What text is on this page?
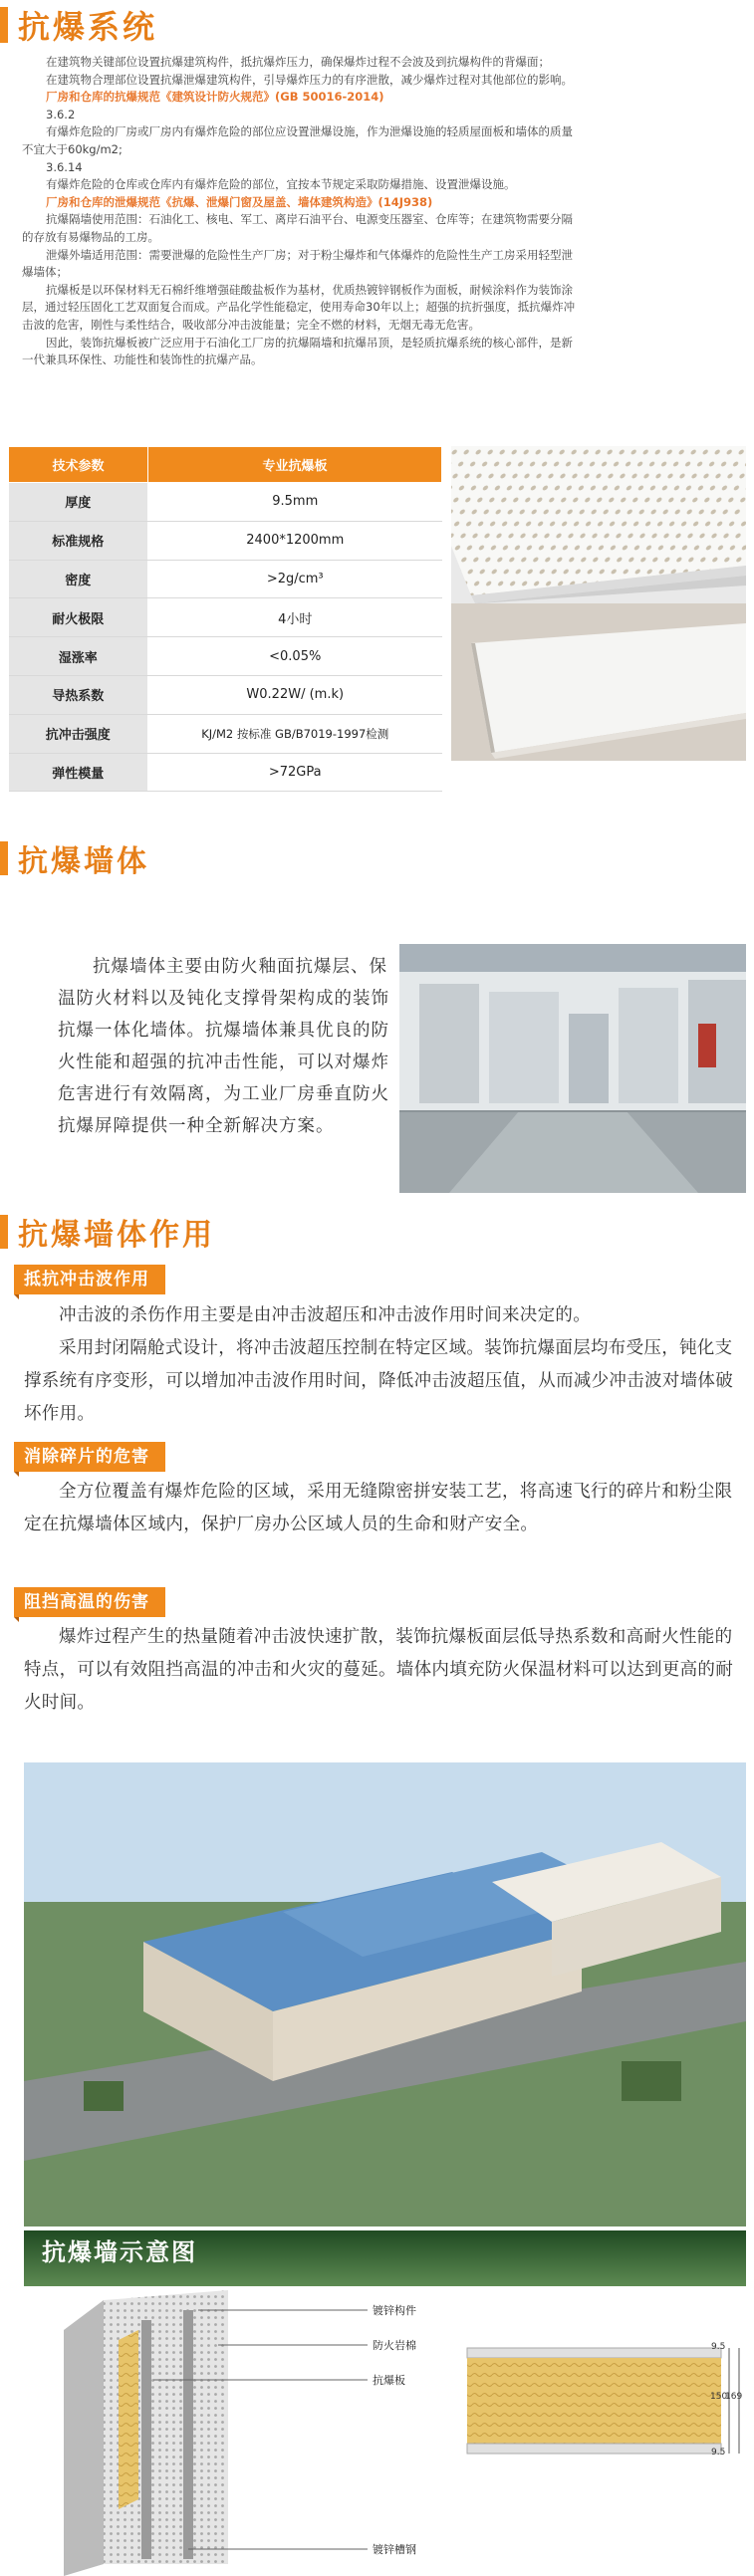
抗爆系统

在建筑物关键部位设置抗爆建筑构件，抵抗爆炸压力，确保爆炸过程不会波及到抗爆构件的背爆面；

在建筑物合理部位设置抗爆泄爆建筑构件，引导爆炸压力的有序泄散，减少爆炸过程对其他部位的影响。

厂房和仓库的抗爆规范《建筑设计防火规范》(GB 50016-2014)

3.6.2

有爆炸危险的厂房或厂房内有爆炸危险的部位应设置泄爆设施，作为泄爆设施的轻质屋面板和墙体的质量

不宜大于60kg/m2;

3.6.14

有爆炸危险的仓库或仓库内有爆炸危险的部位，宜按本节规定采取防爆措施、设置泄爆设施。

厂房和仓库的泄爆规范《抗爆、泄爆门窗及屋盖、墙体建筑构造》(14J938)

抗爆隔墙使用范围：石油化工、核电、军工、离岸石油平台、电源变压器室、仓库等；在建筑物需要分隔

的存放有易爆物品的工房。

泄爆外墙适用范围：需要泄爆的危险性生产厂房；对于粉尘爆炸和气体爆炸的危险性生产工房采用轻型泄

爆墙体；

抗爆板是以环保材料无石棉纤维增强硅酸盐板作为基材，优质热镀锌钢板作为面板，耐候涂料作为装饰涂

层，通过轻压固化工艺双面复合而成。产品化学性能稳定，使用寿命30年以上；超强的抗折强度，抵抗爆炸冲

击波的危害，刚性与柔性结合，吸收部分冲击波能量；完全不燃的材料，无烟无毒无危害。

因此，装饰抗爆板被广泛应用于石油化工厂房的抗爆隔墙和抗爆吊顶，是轻质抗爆系统的核心部件，是新

一代兼具环保性、功能性和装饰性的抗爆产品。

技术参数	专业抗爆板
厚度	9.5mm
标准规格	2400*1200mm
密度	>2g/cm³
耐火极限	4小时
湿涨率	<0.05%
导热系数	W0.22W/ (m.k)
抗冲击强度	KJ/M2 按标准 GB/B7019-1997检测
弹性模量	>72GPa
抗爆墙体

抗爆墙体主要由防火釉面抗爆层、保温防火材料以及钝化支撑骨架构成的装饰抗爆一体化墙体。抗爆墙体兼具优良的防火性能和超强的抗冲击性能，可以对爆炸危害进行有效隔离，为工业厂房垂直防火抗爆屏障提供一种全新解决方案。

抗爆墙体作用
抵抗冲击波作用

冲击波的杀伤作用主要是由冲击波超压和冲击波作用时间来决定的。

采用封闭隔舱式设计，将冲击波超压控制在特定区域。装饰抗爆面层均布受压，钝化支撑系统有序变形，可以增加冲击波作用时间，降低冲击波超压值，从而减少冲击波对墙体破坏作用。

消除碎片的危害

全方位覆盖有爆炸危险的区域，采用无缝隙密拼安装工艺，将高速飞行的碎片和粉尘限定在抗爆墙体区域内，保护厂房办公区域人员的生命和财产安全。

阻挡高温的伤害

爆炸过程产生的热量随着冲击波快速扩散，装饰抗爆板面层低导热系数和高耐火性能的特点，可以有效阻挡高温的冲击和火灾的蔓延。墙体内填充防火保温材料可以达到更高的耐火时间。

抗爆墙示意图
镀锌构件
防火岩棉
抗爆板
镀锌槽钢
9.5
150
169
9.5
